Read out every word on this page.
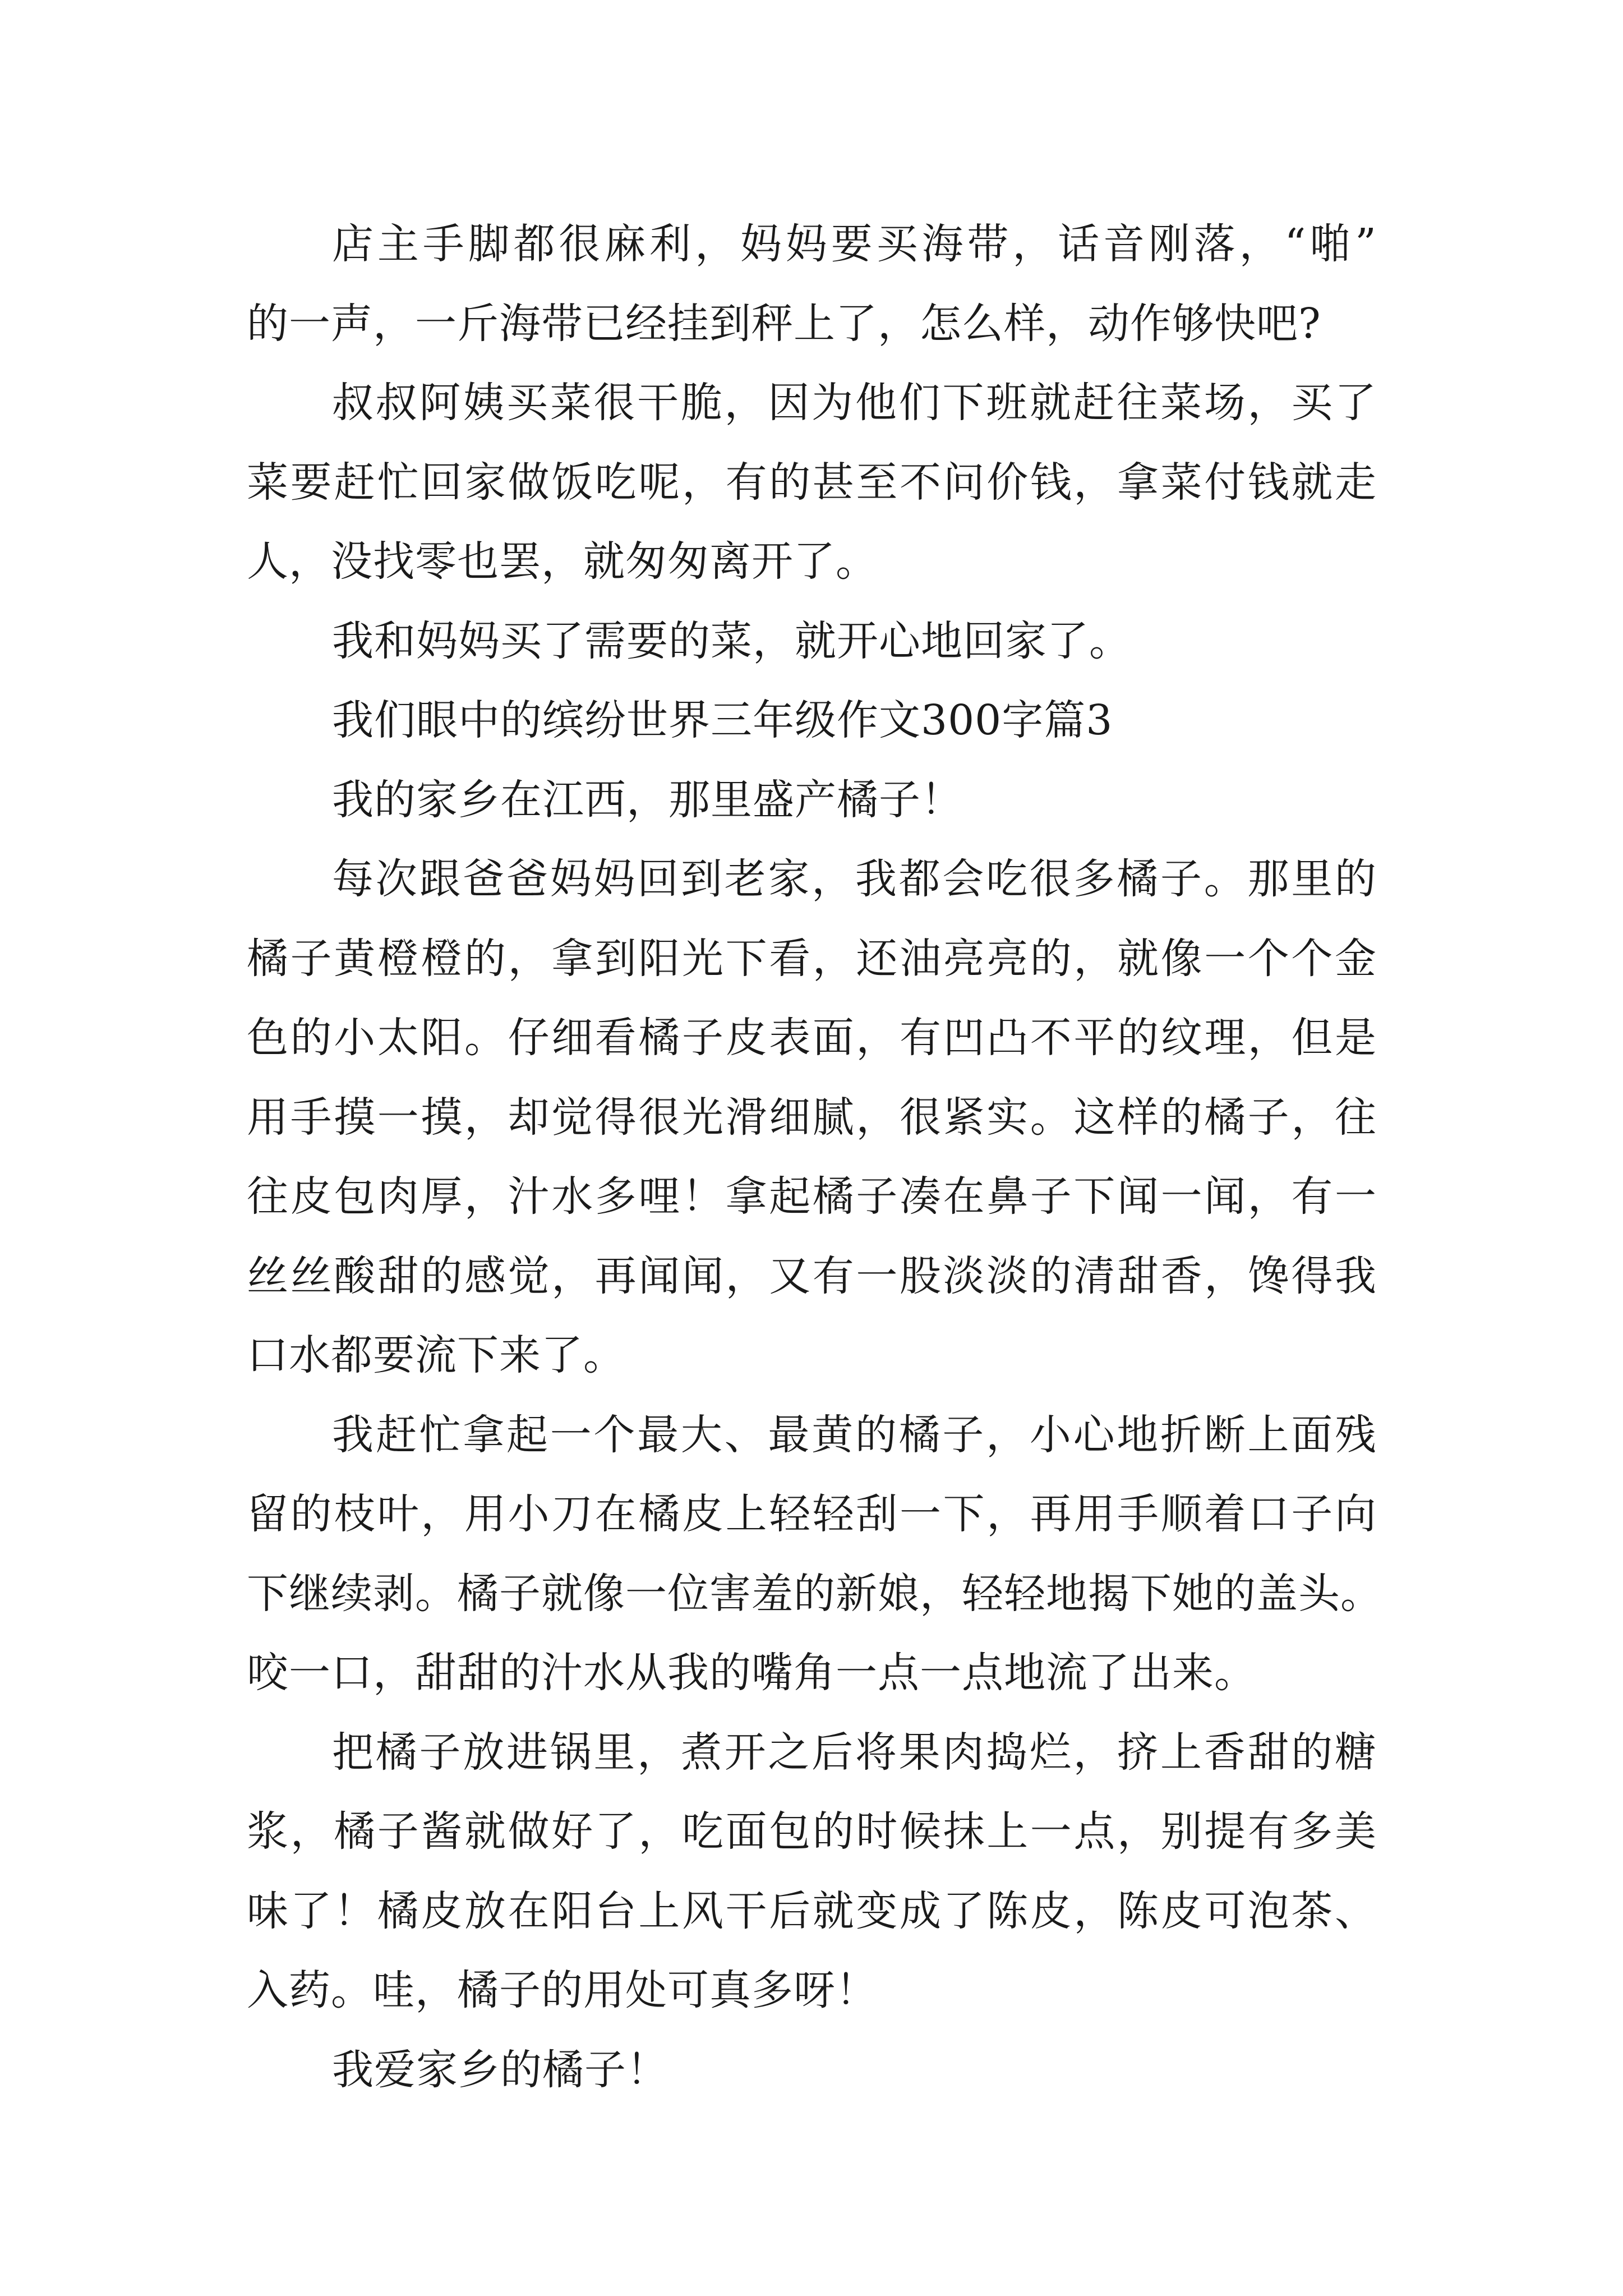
店主手脚都很麻利，妈妈要买海带，话音刚落，“啪”
的一声，一斤海带已经挂到秤上了，怎么样，动作够快吧?
叔叔阿姨买菜很干脆，因为他们下班就赶往菜场，买了
菜要赶忙回家做饭吃呢，有的甚至不问价钱，拿菜付钱就走
人，没找零也罢，就匆匆离开了。
我和妈妈买了需要的菜，就开心地回家了。
我们眼中的缤纷世界三年级作文300字篇3
我的家乡在江西，那里盛产橘子！
每次跟爸爸妈妈回到老家，我都会吃很多橘子。那里的
橘子黄橙橙的，拿到阳光下看，还油亮亮的，就像一个个金
色的小太阳。仔细看橘子皮表面，有凹凸不平的纹理，但是
用手摸一摸，却觉得很光滑细腻，很紧实。这样的橘子，往
往皮包肉厚，汁水多哩！拿起橘子凑在鼻子下闻一闻，有一
丝丝酸甜的感觉，再闻闻，又有一股淡淡的清甜香，馋得我
口水都要流下来了。
我赶忙拿起一个最大、最黄的橘子，小心地折断上面残
留的枝叶，用小刀在橘皮上轻轻刮一下，再用手顺着口子向
下继续剥。橘子就像一位害羞的新娘，轻轻地揭下她的盖头。
咬一口，甜甜的汁水从我的嘴角一点一点地流了出来。
把橘子放进锅里，煮开之后将果肉捣烂，挤上香甜的糖
浆，橘子酱就做好了，吃面包的时候抹上一点，别提有多美
味了！橘皮放在阳台上风干后就变成了陈皮，陈皮可泡茶、
入药。哇，橘子的用处可真多呀！
我爱家乡的橘子！
